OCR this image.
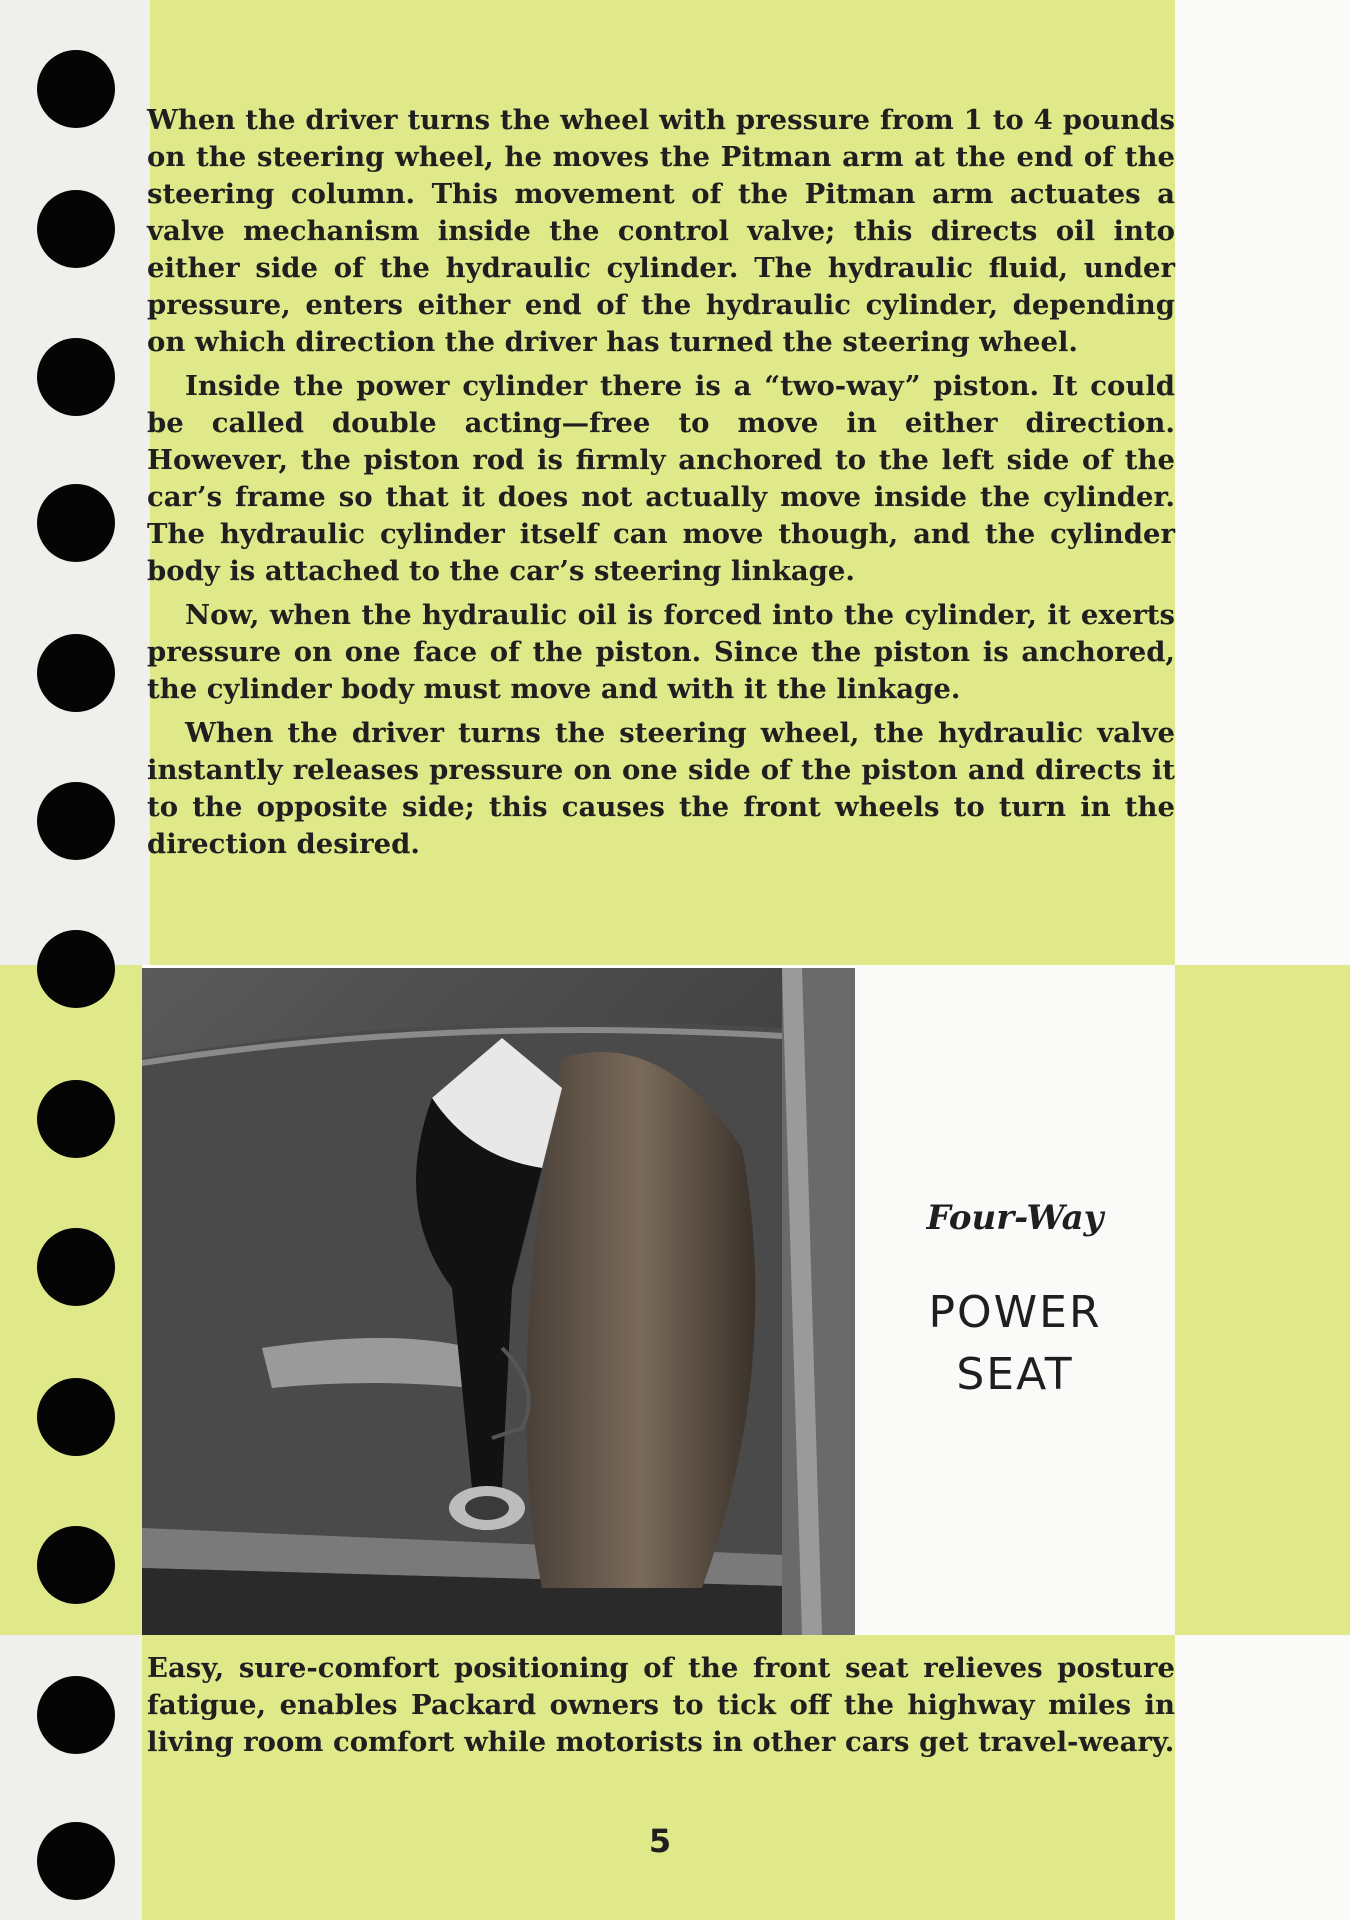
When the driver turns the wheel with pressure from 1 to 4 pounds on the steering wheel, he moves the Pitman arm at the end of the steering column. This movement of the Pitman arm actuates a valve mechanism inside the control valve; this directs oil into either side of the hydraulic cylinder. The hydraulic fluid, under pressure, enters either end of the hydraulic cylinder, depending on which direction the driver has turned the steering wheel.

Inside the power cylinder there is a “two-way” piston. It could be called double acting—free to move in either direction. However, the piston rod is firmly anchored to the left side of the car’s frame so that it does not actually move inside the cylinder. The hydraulic cylinder itself can move though, and the cylinder body is attached to the car’s steering linkage.

Now, when the hydraulic oil is forced into the cylinder, it exerts pressure on one face of the piston. Since the piston is anchored, the cylinder body must move and with it the linkage.

When the driver turns the steering wheel, the hydraulic valve instantly releases pressure on one side of the piston and directs it to the opposite side; this causes the front wheels to turn in the direction desired.

Four-Way
POWER
SEAT

Easy, sure-comfort positioning of the front seat relieves posture fatigue, enables Packard owners to tick off the highway miles in living room comfort while motorists in other cars get travel-weary.

5
